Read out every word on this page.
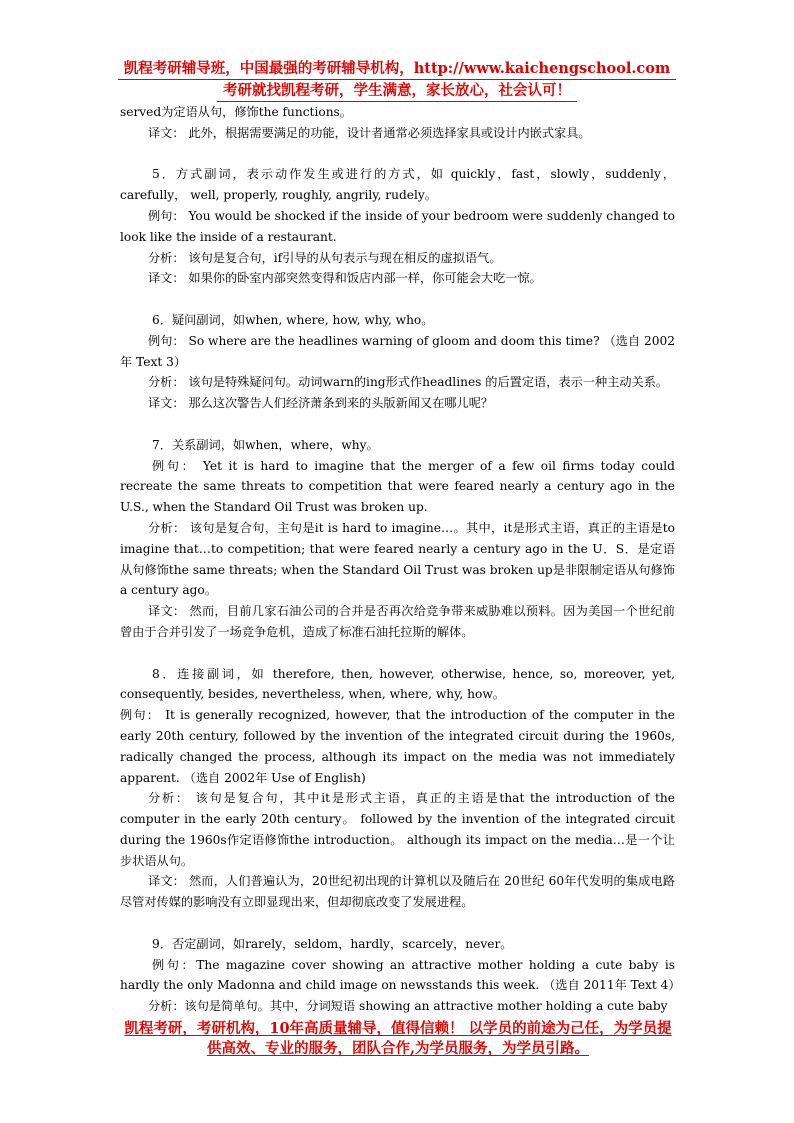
凯程考研辅导班，中国最强的考研辅导机构，http://www.kaichengschool.com
考研就找凯程考研，学生满意，家长放心，社会认可！

served为定语从句，修饰the functions。

译文： 此外，根据需要满足的功能，设计者通常必须选择家具或设计内嵌式家具。

5．方式副词，表示动作发生或进行的方式，如 quickly，fast，slowly，suddenly，carefully， well, properly, roughly, angrily, rudely。

例句： You would be shocked if the inside of your bedroom were suddenly changed to look like the inside of a restaurant.

分析： 该句是复合句，if引导的从句表示与现在相反的虚拟语气。

译文： 如果你的卧室内部突然变得和饭店内部一样，你可能会大吃一惊。

6．疑问副词，如when, where, how, why, who。

例句： So where are the headlines warning of gloom and doom this time? （选自 2002年 Text 3）

分析： 该句是特殊疑问句。动词warn的ing形式作headlines 的后置定语，表示一种主动关系。

译文： 那么这次警告人们经济萧条到来的头版新闻又在哪儿呢？

7．关系副词，如when，where，why。

例句： Yet it is hard to imagine that the merger of a few oil firms today could recreate the same threats to competition that were feared nearly a century ago in the U.S., when the Standard Oil Trust was broken up.

分析： 该句是复合句，主句是it is hard to imagine…。其中，it是形式主语，真正的主语是to imagine that…to competition; that were feared nearly a century ago in the U．S．是定语从句修饰the same threats; when the Standard Oil Trust was broken up是非限制定语从句修饰a century ago。

译文： 然而，目前几家石油公司的合并是否再次给竞争带来威胁难以预料。因为美国一个世纪前曾由于合并引发了一场竞争危机，造成了标准石油托拉斯的解体。

8．连接副词，如 therefore, then, however, otherwise, hence, so, moreover, yet, consequently, besides, nevertheless, when, where, why, how。

例句： It is generally recognized, however, that the introduction of the computer in the early 20th century, followed by the invention of the integrated circuit during the 1960s, radically changed the process, although its impact on the media was not immediately apparent. （选自 2002年 Use of English)

分析： 该句是复合句，其中it是形式主语，真正的主语是that the introduction of the computer in the early 20th century。 followed by the invention of the integrated circuit during the 1960s作定语修饰the introduction。 although its impact on the media…是一个让步状语从句。

译文： 然而，人们普遍认为，20世纪初出现的计算机以及随后在 20世纪 60年代发明的集成电路尽管对传媒的影响没有立即显现出来，但却彻底改变了发展进程。

9．否定副词，如rarely，seldom，hardly，scarcely，never。

例句：The magazine cover showing an attractive mother holding a cute baby is hardly the only Madonna and child image on newsstands this week. （选自 2011年 Text 4）

分析：该句是简单句。其中，分词短语 showing an attractive mother holding a cute baby

凯程考研，考研机构，10年高质量辅导，值得信赖！ 以学员的前途为己任，为学员提
供高效、专业的服务，团队合作,为学员服务，为学员引路。
